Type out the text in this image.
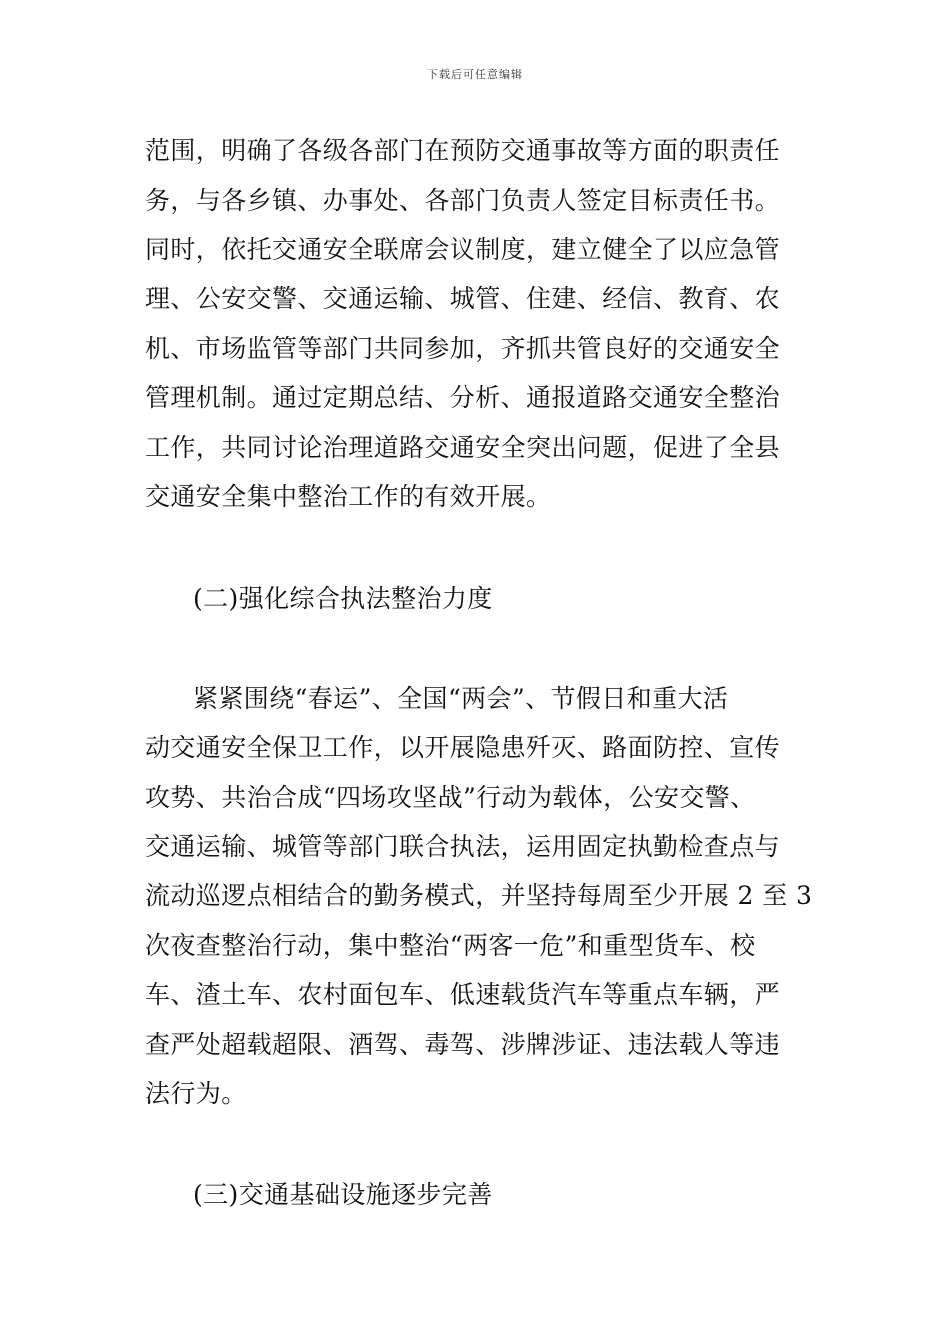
下载后可任意编辑
范围，明确了各级各部门在预防交通事故等方面的职责任
务，与各乡镇、办事处、各部门负责人签定目标责任书。
同时，依托交通安全联席会议制度，建立健全了以应急管
理、公安交警、交通运输、城管、住建、经信、教育、农
机、市场监管等部门共同参加，齐抓共管良好的交通安全
管理机制。通过定期总结、分析、通报道路交通安全整治
工作，共同讨论治理道路交通安全突出问题，促进了全县
交通安全集中整治工作的有效开展。
(二)强化综合执法整治力度
紧紧围绕“春运”、全国“两会”、节假日和重大活
动交通安全保卫工作，以开展隐患歼灭、路面防控、宣传
攻势、共治合成“四场攻坚战”行动为载体，公安交警、
交通运输、城管等部门联合执法，运用固定执勤检查点与
流动巡逻点相结合的勤务模式，并坚持每周至少开展 2 至 3
次夜查整治行动，集中整治“两客一危”和重型货车、校
车、渣土车、农村面包车、低速载货汽车等重点车辆，严
查严处超载超限、酒驾、毒驾、涉牌涉证、违法载人等违
法行为。
(三)交通基础设施逐步完善
